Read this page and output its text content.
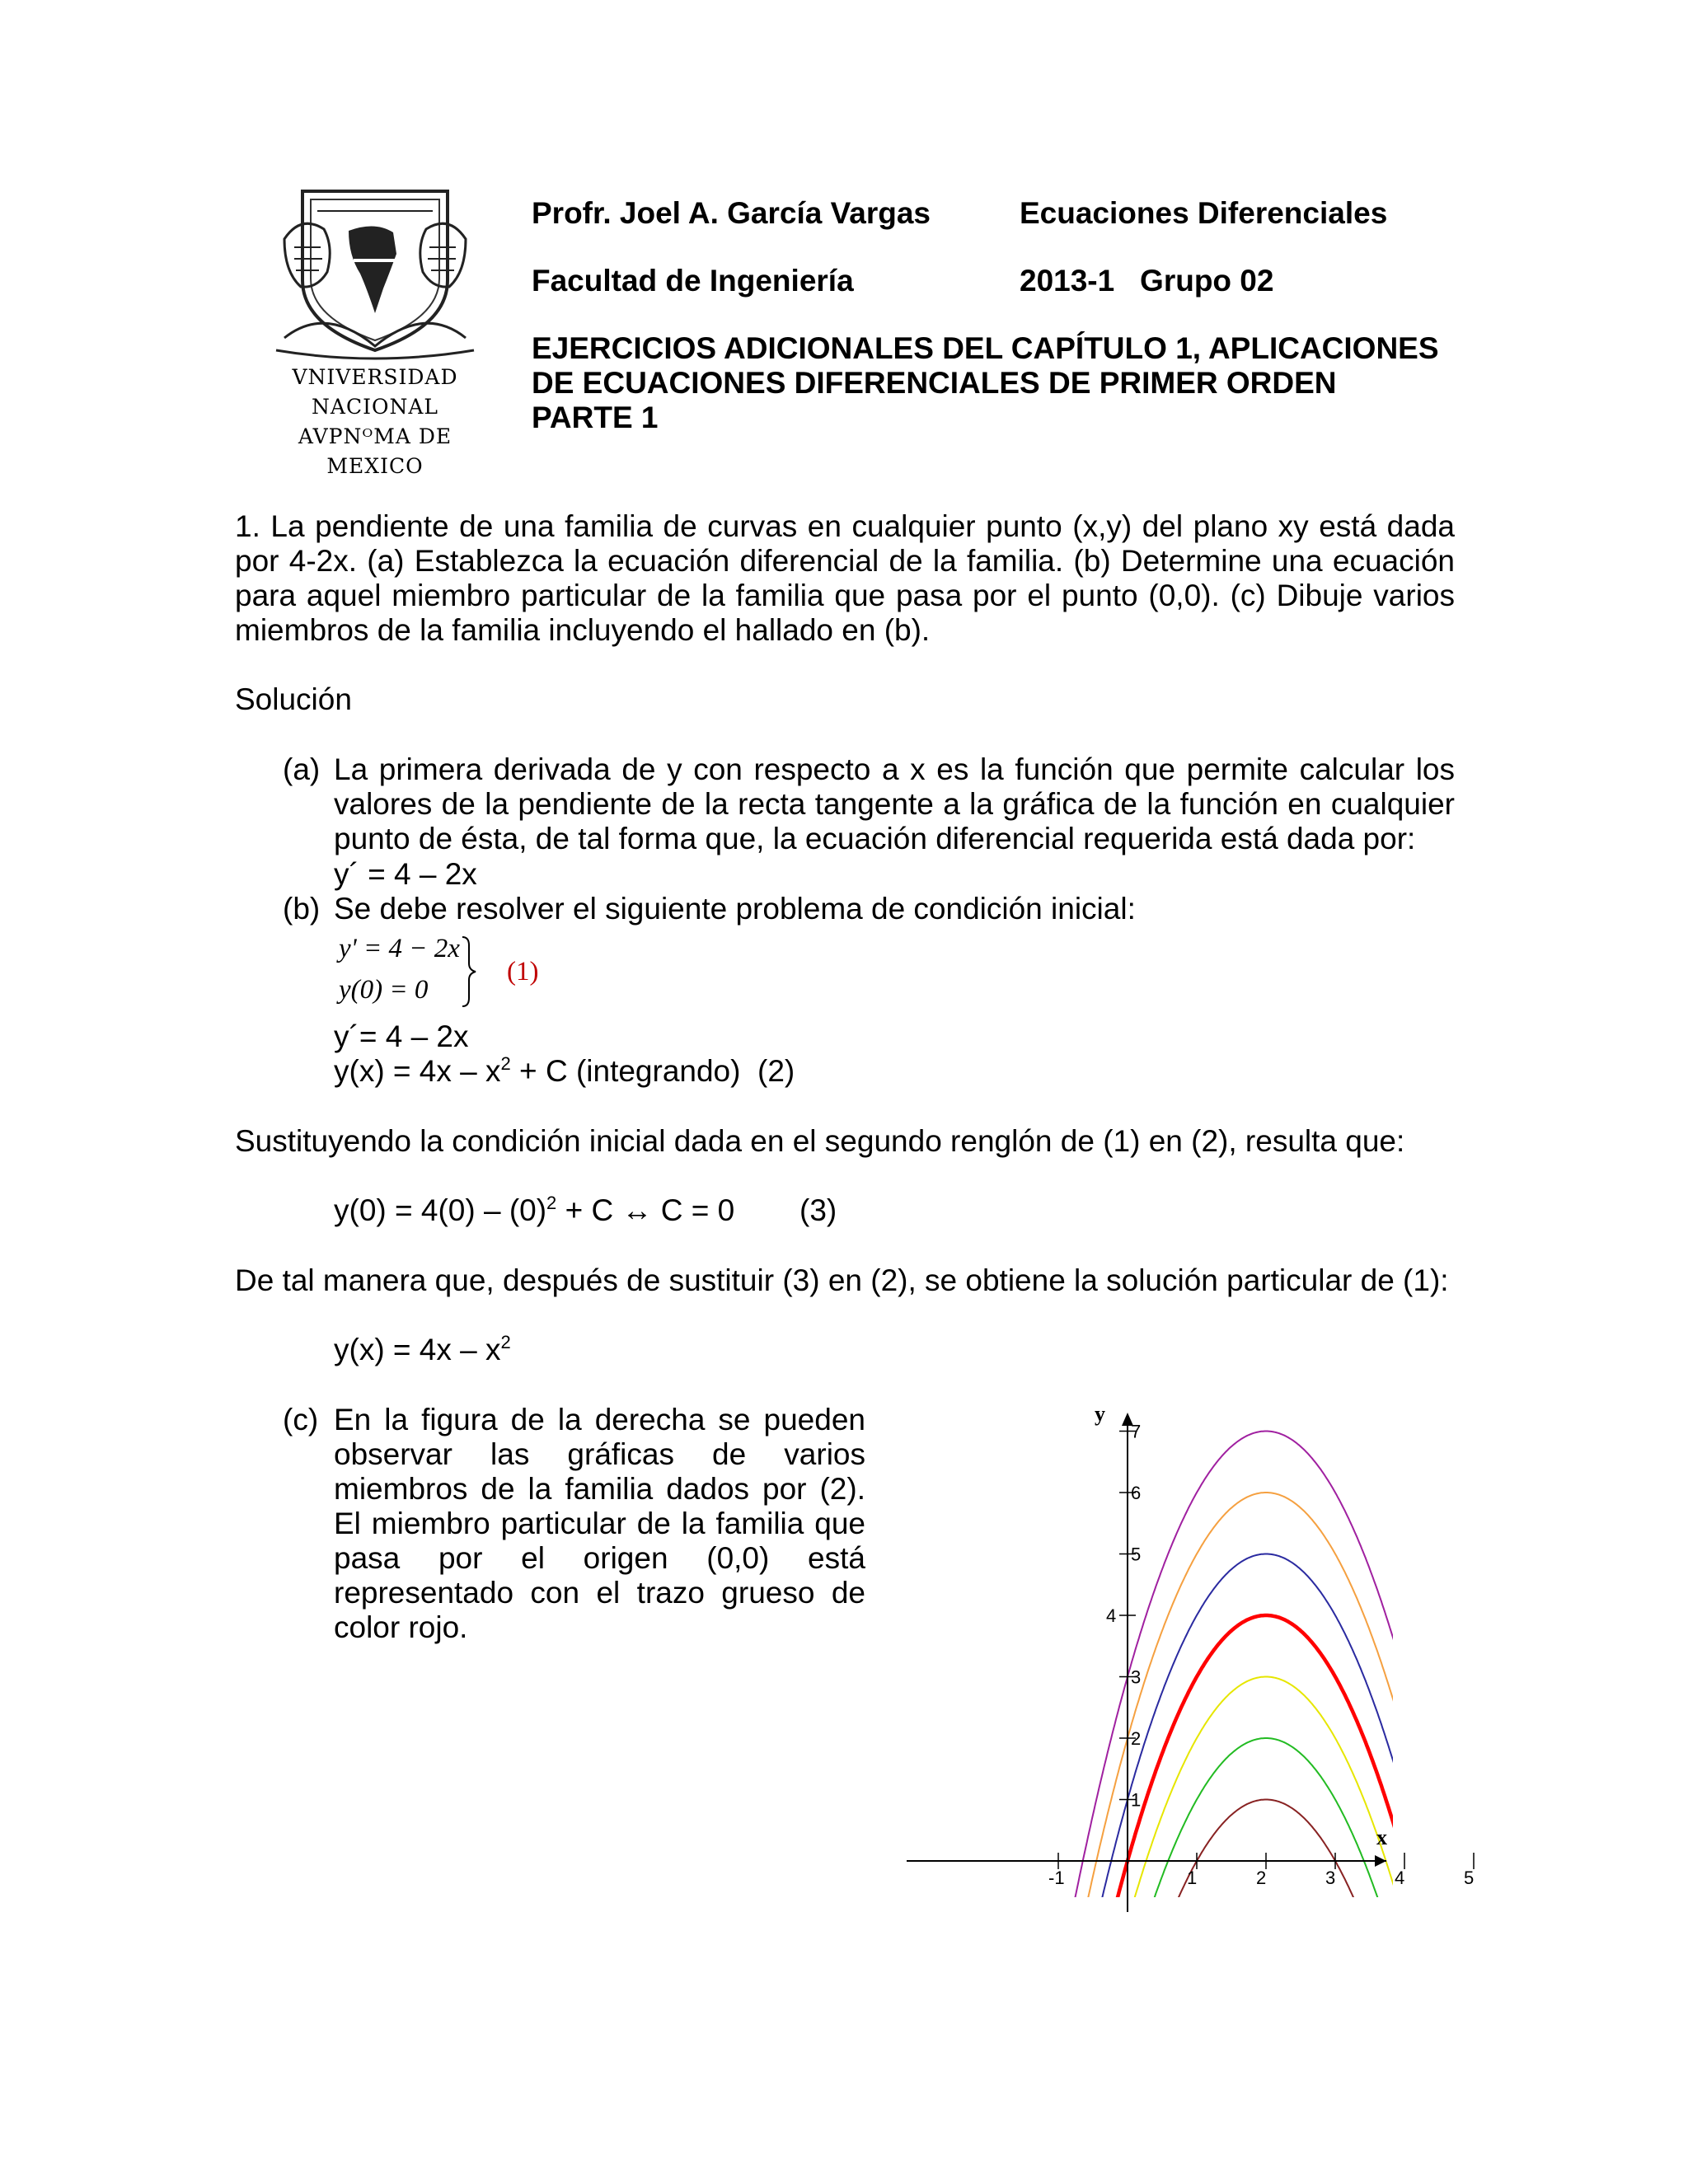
VNIVERSIDAD NACIONAL
AVPNᴼMA DE
MEXICO
Profr. Joel A. García Vargas	Ecuaciones Diferenciales
Facultad de Ingeniería	2013-1   Grupo 02
EJERCICIOS ADICIONALES DEL CAPÍTULO 1, APLICACIONES
DE ECUACIONES DIFERENCIALES DE PRIMER ORDEN
PARTE 1
1. La pendiente de una familia de curvas en cualquier punto (x,y) del plano xy está dada por 4-2x. (a) Establezca la ecuación diferencial de la familia. (b) Determine una ecuación para aquel miembro particular de la familia que pasa por el punto (0,0). (c) Dibuje varios miembros de la familia incluyendo el hallado en (b).
Solución
(a) La primera derivada de y con respecto a x es la función que permite calcular los valores de la pendiente de la recta tangente a la gráfica de la función en cualquier punto de ésta, de tal forma que, la ecuación diferencial requerida está dada por:
y´ = 4 – 2x
(b) Se debe resolver el siguiente problema de condición inicial:
y' = 4 − 2x
y(0) = 0
(1)
y´= 4 – 2x
$y(x) = 4x - x^2 + C$ (integrando)  (2)
Sustituyendo la condición inicial dada en el segundo renglón de (1) en (2), resulta que:
$y(0) = 4(0) - (0)^2 + C$ ↔ C = 0 (3)
De tal manera que, después de sustituir (3) en (2), se obtiene la solución particular de (1):
$y(x) = 4x - x^2$
(c) En la figura de la derecha se pueden observar las gráficas de varios miembros de la familia dados por (2). El miembro particular de la familia que pasa por el origen (0,0) está representado con el trazo grueso de color rojo.
-1	1	2	3	4	5
1
2
3
4
5
6
7
x
y
